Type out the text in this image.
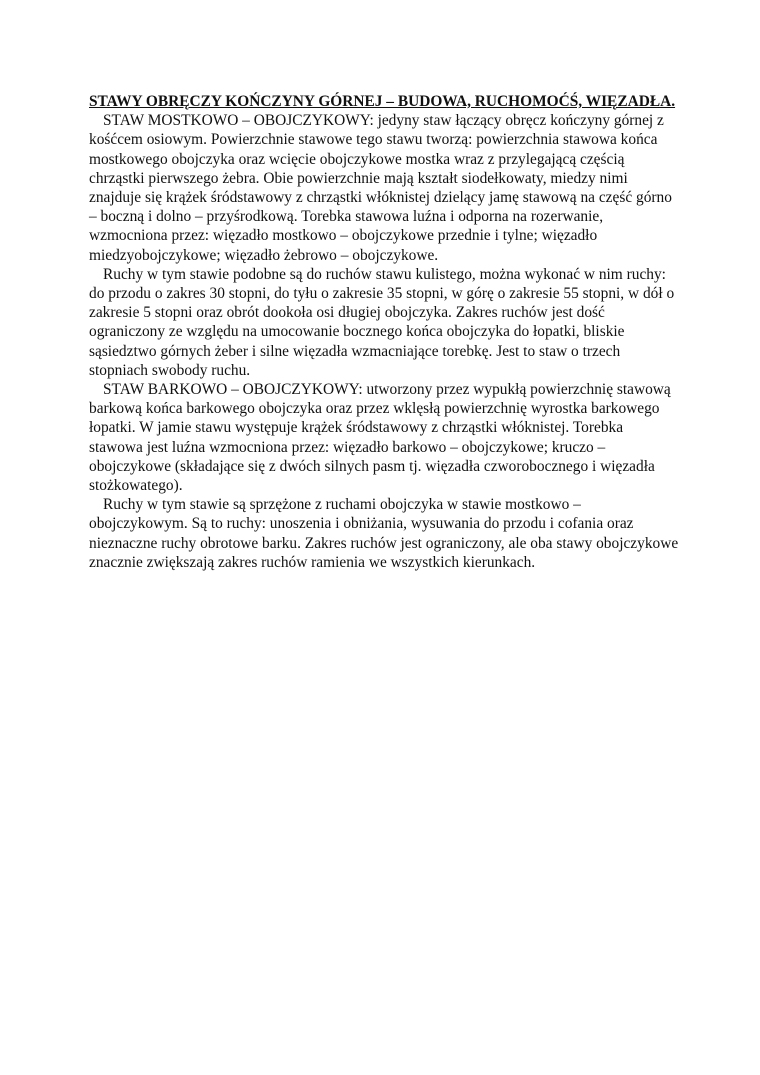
STAWY OBRĘCZY KOŃCZYNY GÓRNEJ – BUDOWA, RUCHOMOĆŚ, WIĘZADŁA.

STAW MOSTKOWO – OBOJCZYKOWY: jedyny staw łączący obręcz kończyny górnej z kośćcem osiowym. Powierzchnie stawowe tego stawu tworzą: powierzchnia stawowa końca mostkowego obojczyka oraz wcięcie obojczykowe mostka wraz z przylegającą częścią chrząstki pierwszego żebra. Obie powierzchnie mają kształt siodełkowaty, miedzy nimi znajduje się krążek śródstawowy z chrząstki włóknistej dzielący jamę stawową na część górno – boczną i dolno – przyśrodkową. Torebka stawowa luźna i odporna na rozerwanie, wzmocniona przez: więzadło mostkowo – obojczykowe przednie i tylne; więzadło miedzyobojczykowe; więzadło żebrowo – obojczykowe.

Ruchy w tym stawie podobne są do ruchów stawu kulistego, można wykonać w nim ruchy: do przodu o zakres 30 stopni, do tyłu o zakresie 35 stopni, w górę o zakresie 55 stopni, w dół o zakresie 5 stopni oraz obrót dookoła osi długiej obojczyka. Zakres ruchów jest dość ograniczony ze względu na umocowanie bocznego końca obojczyka do łopatki, bliskie sąsiedztwo górnych żeber i silne więzadła wzmacniające torebkę. Jest to staw o trzech stopniach swobody ruchu.

STAW BARKOWO – OBOJCZYKOWY: utworzony przez wypukłą powierzchnię stawową barkową końca barkowego obojczyka oraz przez wklęsłą powierzchnię wyrostka barkowego łopatki. W jamie stawu występuje krążek śródstawowy z chrząstki włóknistej. Torebka stawowa jest luźna wzmocniona przez: więzadło barkowo – obojczykowe; kruczo – obojczykowe (składające się z dwóch silnych pasm tj. więzadła czworobocznego i więzadła stożkowatego).

Ruchy w tym stawie są sprzężone z ruchami obojczyka w stawie mostkowo – obojczykowym. Są to ruchy: unoszenia i obniżania, wysuwania do przodu i cofania oraz nieznaczne ruchy obrotowe barku. Zakres ruchów jest ograniczony, ale oba stawy obojczykowe znacznie zwiększają zakres ruchów ramienia we wszystkich kierunkach.
